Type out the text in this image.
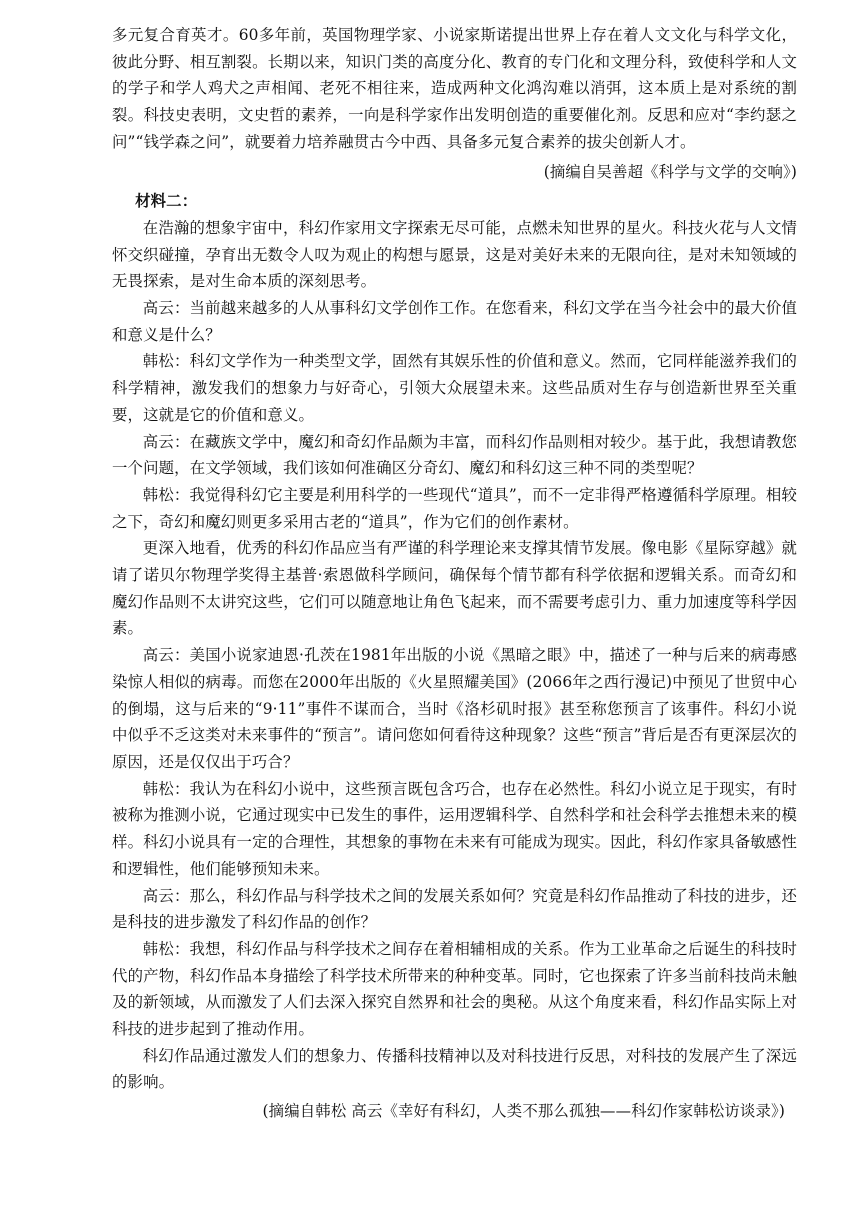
多元复合育英才。60多年前，英国物理学家、小说家斯诺提出世界上存在着人文文化与科学文化，彼此分野、相互割裂。长期以来，知识门类的高度分化、教育的专门化和文理分科，致使科学和人文的学子和学人鸡犬之声相闻、老死不相往来，造成两种文化鸿沟难以消弭，这本质上是对系统的割裂。科技史表明，文史哲的素养，一向是科学家作出发明创造的重要催化剂。反思和应对“李约瑟之问”“钱学森之问”，就要着力培养融贯古今中西、具备多元复合素养的拔尖创新人才。

(摘编自吴善超《科学与文学的交响》)

材料二：

在浩瀚的想象宇宙中，科幻作家用文字探索无尽可能，点燃未知世界的星火。科技火花与人文情怀交织碰撞，孕育出无数令人叹为观止的构想与愿景，这是对美好未来的无限向往，是对未知领域的无畏探索，是对生命本质的深刻思考。

高云：当前越来越多的人从事科幻文学创作工作。在您看来，科幻文学在当今社会中的最大价值和意义是什么？

韩松：科幻文学作为一种类型文学，固然有其娱乐性的价值和意义。然而，它同样能滋养我们的科学精神，激发我们的想象力与好奇心，引领大众展望未来。这些品质对生存与创造新世界至关重要，这就是它的价值和意义。

高云：在藏族文学中，魔幻和奇幻作品颇为丰富，而科幻作品则相对较少。基于此，我想请教您一个问题，在文学领域，我们该如何准确区分奇幻、魔幻和科幻这三种不同的类型呢？

韩松：我觉得科幻它主要是利用科学的一些现代“道具”，而不一定非得严格遵循科学原理。相较之下，奇幻和魔幻则更多采用古老的“道具”，作为它们的创作素材。

更深入地看，优秀的科幻作品应当有严谨的科学理论来支撑其情节发展。像电影《星际穿越》就请了诺贝尔物理学奖得主基普·索恩做科学顾问，确保每个情节都有科学依据和逻辑关系。而奇幻和魔幻作品则不太讲究这些，它们可以随意地让角色飞起来，而不需要考虑引力、重力加速度等科学因素。

高云：美国小说家迪恩·孔茨在1981年出版的小说《黑暗之眼》中，描述了一种与后来的病毒感染惊人相似的病毒。而您在2000年出版的《火星照耀美国》(2066年之西行漫记)中预见了世贸中心的倒塌，这与后来的“9·11”事件不谋而合，当时《洛杉矶时报》甚至称您预言了该事件。科幻小说中似乎不乏这类对未来事件的“预言”。请问您如何看待这种现象？这些“预言”背后是否有更深层次的原因，还是仅仅出于巧合？

韩松：我认为在科幻小说中，这些预言既包含巧合，也存在必然性。科幻小说立足于现实，有时被称为推测小说，它通过现实中已发生的事件，运用逻辑科学、自然科学和社会科学去推想未来的模样。科幻小说具有一定的合理性，其想象的事物在未来有可能成为现实。因此，科幻作家具备敏感性和逻辑性，他们能够预知未来。

高云：那么，科幻作品与科学技术之间的发展关系如何？究竟是科幻作品推动了科技的进步，还是科技的进步激发了科幻作品的创作？

韩松：我想，科幻作品与科学技术之间存在着相辅相成的关系。作为工业革命之后诞生的科技时代的产物，科幻作品本身描绘了科学技术所带来的种种变革。同时，它也探索了许多当前科技尚未触及的新领域，从而激发了人们去深入探究自然界和社会的奥秘。从这个角度来看，科幻作品实际上对科技的进步起到了推动作用。

科幻作品通过激发人们的想象力、传播科技精神以及对科技进行反思，对科技的发展产生了深远的影响。

(摘编自韩松 高云《幸好有科幻，人类不那么孤独——科幻作家韩松访谈录》)
